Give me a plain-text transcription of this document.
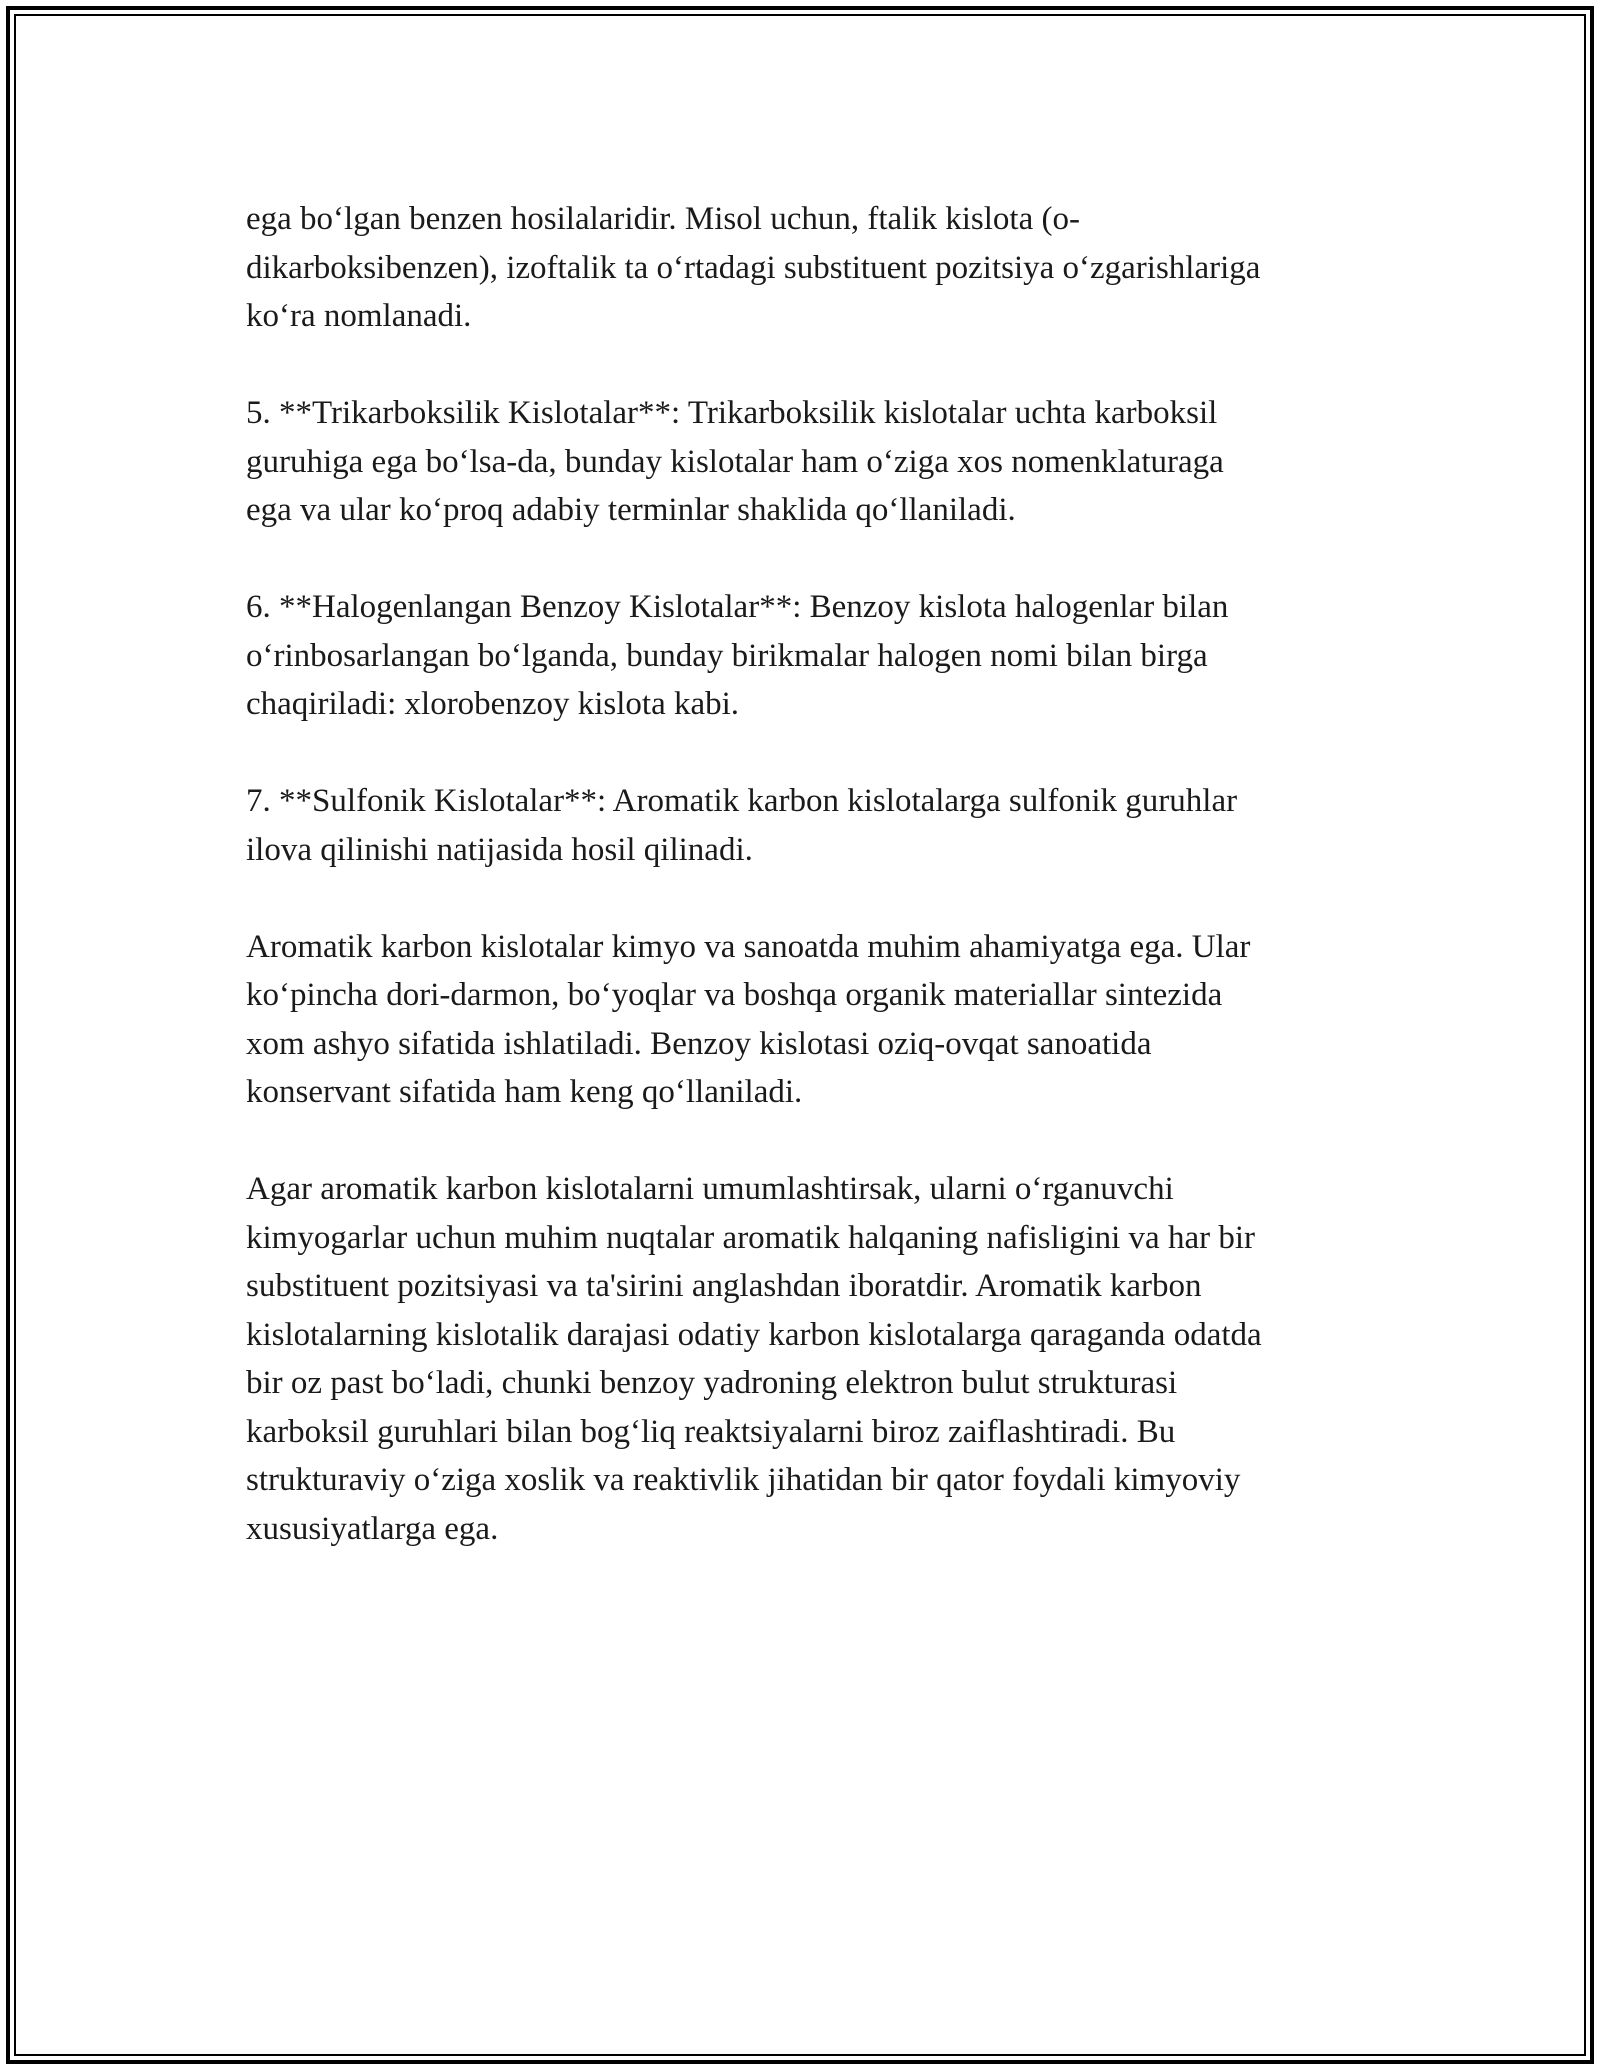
ega bo‘lgan benzen hosilalaridir. Misol uchun, ftalik kislota (o-
dikarboksibenzen), izoftalik ta o‘rtadagi substituent pozitsiya o‘zgarishlariga
ko‘ra nomlanadi.

5. **Trikarboksilik Kislotalar**: Trikarboksilik kislotalar uchta karboksil
guruhiga ega bo‘lsa-da, bunday kislotalar ham o‘ziga xos nomenklaturaga
ega va ular ko‘proq adabiy terminlar shaklida qo‘llaniladi.

6. **Halogenlangan Benzoy Kislotalar**: Benzoy kislota halogenlar bilan
o‘rinbosarlangan bo‘lganda, bunday birikmalar halogen nomi bilan birga
chaqiriladi: xlorobenzoy kislota kabi.

7. **Sulfonik Kislotalar**: Aromatik karbon kislotalarga sulfonik guruhlar
ilova qilinishi natijasida hosil qilinadi.

Aromatik karbon kislotalar kimyo va sanoatda muhim ahamiyatga ega. Ular
ko‘pincha dori-darmon, bo‘yoqlar va boshqa organik materiallar sintezida
xom ashyo sifatida ishlatiladi. Benzoy kislotasi oziq-ovqat sanoatida
konservant sifatida ham keng qo‘llaniladi.

Agar aromatik karbon kislotalarni umumlashtirsak, ularni o‘rganuvchi
kimyogarlar uchun muhim nuqtalar aromatik halqaning nafisligini va har bir
substituent pozitsiyasi va ta'sirini anglashdan iboratdir. Aromatik karbon
kislotalarning kislotalik darajasi odatiy karbon kislotalarga qaraganda odatda
bir oz past bo‘ladi, chunki benzoy yadroning elektron bulut strukturasi
karboksil guruhlari bilan bog‘liq reaktsiyalarni biroz zaiflashtiradi. Bu
strukturaviy o‘ziga xoslik va reaktivlik jihatidan bir qator foydali kimyoviy
xususiyatlarga ega.
